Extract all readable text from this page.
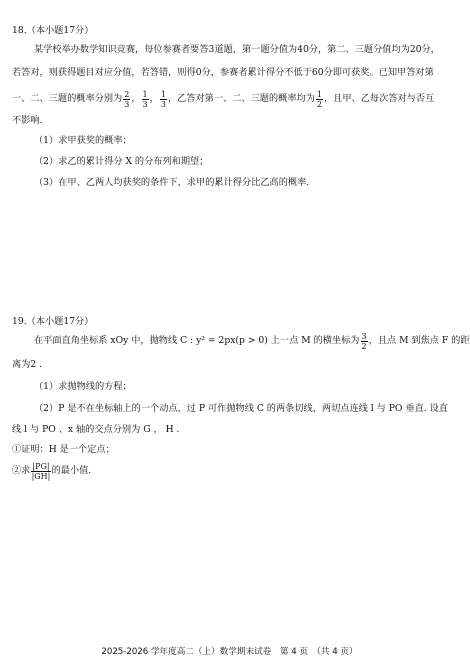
18.（本小题17分）
某学校举办数学知识竞赛，每位参赛者要答3道题，第一题分值为40分，第二、三题分值均为20分，
若答对，则获得题目对应分值，若答错，则得0分，参赛者累计得分不低于60分即可获奖。已知甲答对第
一、二、三题的概率分别为 $\frac{2}{3}$ ， $\frac{1}{3}$ ， $\frac{1}{3}$ ，乙答对第一、二、三题的概率均为 $\frac{1}{2}$ ，且甲、乙每次答对与否互
不影响.
（1）求甲获奖的概率；
（2）求乙的累计得分 X 的分布列和期望；
（3）在甲、乙两人均获奖的条件下，求甲的累计得分比乙高的概率.
19.（本小题17分）
在平面直角坐标系 xOy 中，抛物线 C : y² = 2px(p > 0) 上一点 M 的横坐标为 $\frac{3}{2}$ ，且点 M 到焦点 F 的距
离为2 .
（1）求抛物线的方程；
（2）P 是不在坐标轴上的一个动点，过 P 可作抛物线 C 的两条切线，两切点连线 l 与 PO 垂直. 设直
线 l 与 PO 、x 轴的交点分别为 G ， H .
①证明：H 是一个定点；
②求 $\frac{|PG|}{|GH|}$ 的最小值.
2025-2026 学年度高二（上）数学期末试卷　第 4 页　（共 4 页）
